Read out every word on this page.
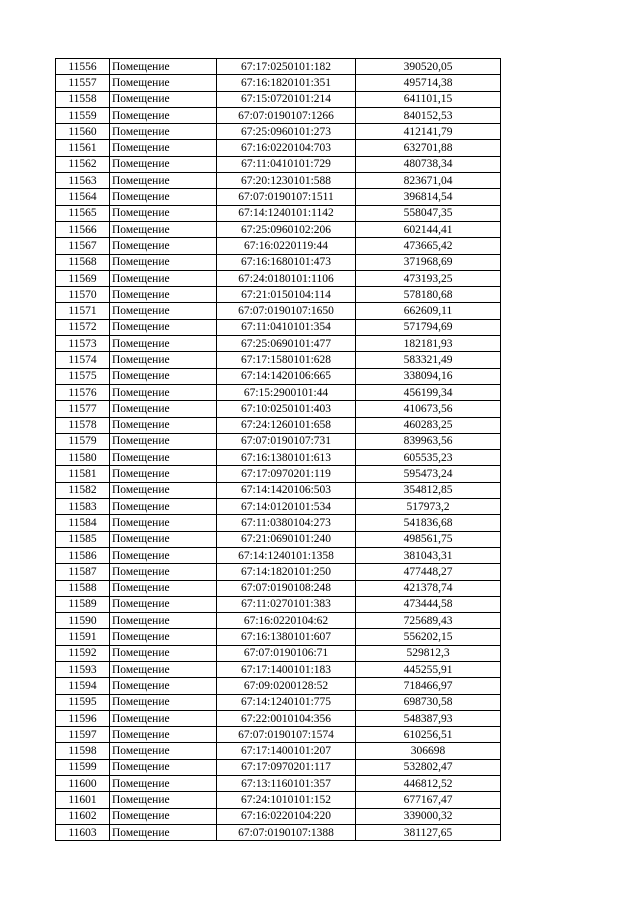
11556	Помещение	67:17:0250101:182	390520,05
11557	Помещение	67:16:1820101:351	495714,38
11558	Помещение	67:15:0720101:214	641101,15
11559	Помещение	67:07:0190107:1266	840152,53
11560	Помещение	67:25:0960101:273	412141,79
11561	Помещение	67:16:0220104:703	632701,88
11562	Помещение	67:11:0410101:729	480738,34
11563	Помещение	67:20:1230101:588	823671,04
11564	Помещение	67:07:0190107:1511	396814,54
11565	Помещение	67:14:1240101:1142	558047,35
11566	Помещение	67:25:0960102:206	602144,41
11567	Помещение	67:16:0220119:44	473665,42
11568	Помещение	67:16:1680101:473	371968,69
11569	Помещение	67:24:0180101:1106	473193,25
11570	Помещение	67:21:0150104:114	578180,68
11571	Помещение	67:07:0190107:1650	662609,11
11572	Помещение	67:11:0410101:354	571794,69
11573	Помещение	67:25:0690101:477	182181,93
11574	Помещение	67:17:1580101:628	583321,49
11575	Помещение	67:14:1420106:665	338094,16
11576	Помещение	67:15:2900101:44	456199,34
11577	Помещение	67:10:0250101:403	410673,56
11578	Помещение	67:24:1260101:658	460283,25
11579	Помещение	67:07:0190107:731	839963,56
11580	Помещение	67:16:1380101:613	605535,23
11581	Помещение	67:17:0970201:119	595473,24
11582	Помещение	67:14:1420106:503	354812,85
11583	Помещение	67:14:0120101:534	517973,2
11584	Помещение	67:11:0380104:273	541836,68
11585	Помещение	67:21:0690101:240	498561,75
11586	Помещение	67:14:1240101:1358	381043,31
11587	Помещение	67:14:1820101:250	477448,27
11588	Помещение	67:07:0190108:248	421378,74
11589	Помещение	67:11:0270101:383	473444,58
11590	Помещение	67:16:0220104:62	725689,43
11591	Помещение	67:16:1380101:607	556202,15
11592	Помещение	67:07:0190106:71	529812,3
11593	Помещение	67:17:1400101:183	445255,91
11594	Помещение	67:09:0200128:52	718466,97
11595	Помещение	67:14:1240101:775	698730,58
11596	Помещение	67:22:0010104:356	548387,93
11597	Помещение	67:07:0190107:1574	610256,51
11598	Помещение	67:17:1400101:207	306698
11599	Помещение	67:17:0970201:117	532802,47
11600	Помещение	67:13:1160101:357	446812,52
11601	Помещение	67:24:1010101:152	677167,47
11602	Помещение	67:16:0220104:220	339000,32
11603	Помещение	67:07:0190107:1388	381127,65
